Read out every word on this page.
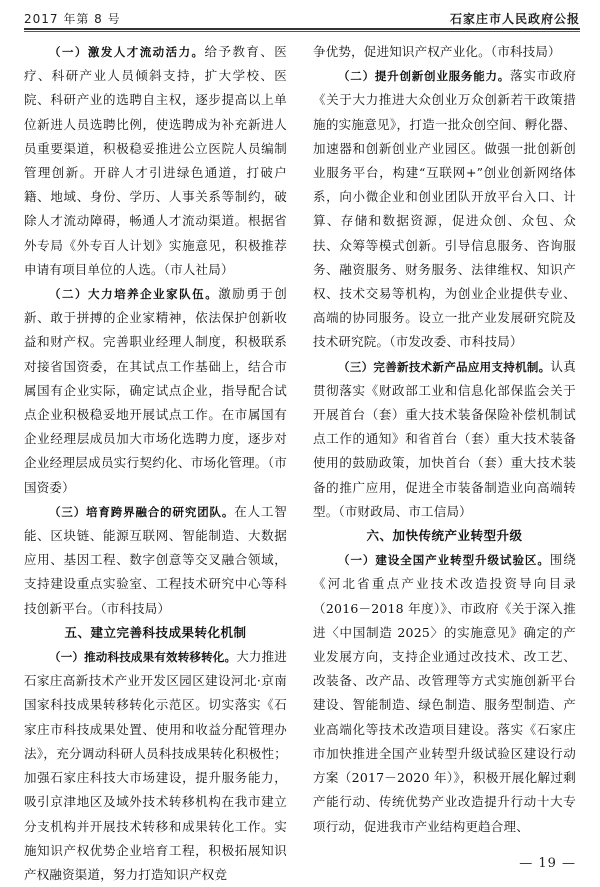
2017 年第 8 号	石家庄市人民政府公报

（一）激发人才流动活力。给予教育、医疗、科研产业人员倾斜支持，扩大学校、医院、科研产业的选聘自主权，逐步提高以上单位新进人员选聘比例，使选聘成为补充新进人员重要渠道，积极稳妥推进公立医院人员编制管理创新。开辟人才引进绿色通道，打破户籍、地域、身份、学历、人事关系等制约，破除人才流动障碍，畅通人才流动渠道。根据省外专局《外专百人计划》实施意见，积极推荐申请有项目单位的人选。（市人社局）

（二）大力培养企业家队伍。激励勇于创新、敢于拼搏的企业家精神，依法保护创新收益和财产权。完善职业经理人制度，积极联系对接省国资委，在其试点工作基础上，结合市属国有企业实际，确定试点企业，指导配合试点企业积极稳妥地开展试点工作。在市属国有企业经理层成员加大市场化选聘力度，逐步对企业经理层成员实行契约化、市场化管理。（市国资委）

（三）培育跨界融合的研究团队。在人工智能、区块链、能源互联网、智能制造、大数据应用、基因工程、数字创意等交叉融合领域，支持建设重点实验室、工程技术研究中心等科技创新平台。（市科技局）

五、建立完善科技成果转化机制

（一）推动科技成果有效转移转化。大力推进石家庄高新技术产业开发区园区建设河北·京南国家科技成果转移转化示范区。切实落实《石家庄市科技成果处置、使用和收益分配管理办法》，充分调动科研人员科技成果转化积极性；加强石家庄科技大市场建设，提升服务能力，吸引京津地区及域外技术转移机构在我市建立分支机构并开展技术转移和成果转化工作。实施知识产权优势企业培育工程，积极拓展知识产权融资渠道，努力打造知识产权竞

争优势，促进知识产权产业化。（市科技局）

（二）提升创新创业服务能力。落实市政府《关于大力推进大众创业万众创新若干政策措施的实施意见》，打造一批众创空间、孵化器、加速器和创新创业产业园区。做强一批创新创业服务平台，构建“互联网+”创业创新网络体系，向小微企业和创业团队开放平台入口、计算、存储和数据资源，促进众创、众包、众扶、众筹等模式创新。引导信息服务、咨询服务、融资服务、财务服务、法律维权、知识产权、技术交易等机构，为创业企业提供专业、高端的协同服务。设立一批产业发展研究院及技术研究院。（市发改委、市科技局）

（三）完善新技术新产品应用支持机制。认真贯彻落实《财政部工业和信息化部保监会关于开展首台（套）重大技术装备保险补偿机制试点工作的通知》和省首台（套）重大技术装备使用的鼓励政策，加快首台（套）重大技术装备的推广应用，促进全市装备制造业向高端转型。（市财政局、市工信局）

六、加快传统产业转型升级

（一）建设全国产业转型升级试验区。围绕《河北省重点产业技术改造投资导向目录（2016－2018 年度）》、市政府《关于深入推进〈中国制造 2025〉的实施意见》确定的产业发展方向，支持企业通过改技术、改工艺、改装备、改产品、改管理等方式实施创新平台建设、智能制造、绿色制造、服务型制造、产业高端化等技术改造项目建设。落实《石家庄市加快推进全国产业转型升级试验区建设行动方案（2017－2020 年）》，积极开展化解过剩产能行动、传统优势产业改造提升行动十大专项行动，促进我市产业结构更趋合理、

— 19 —
